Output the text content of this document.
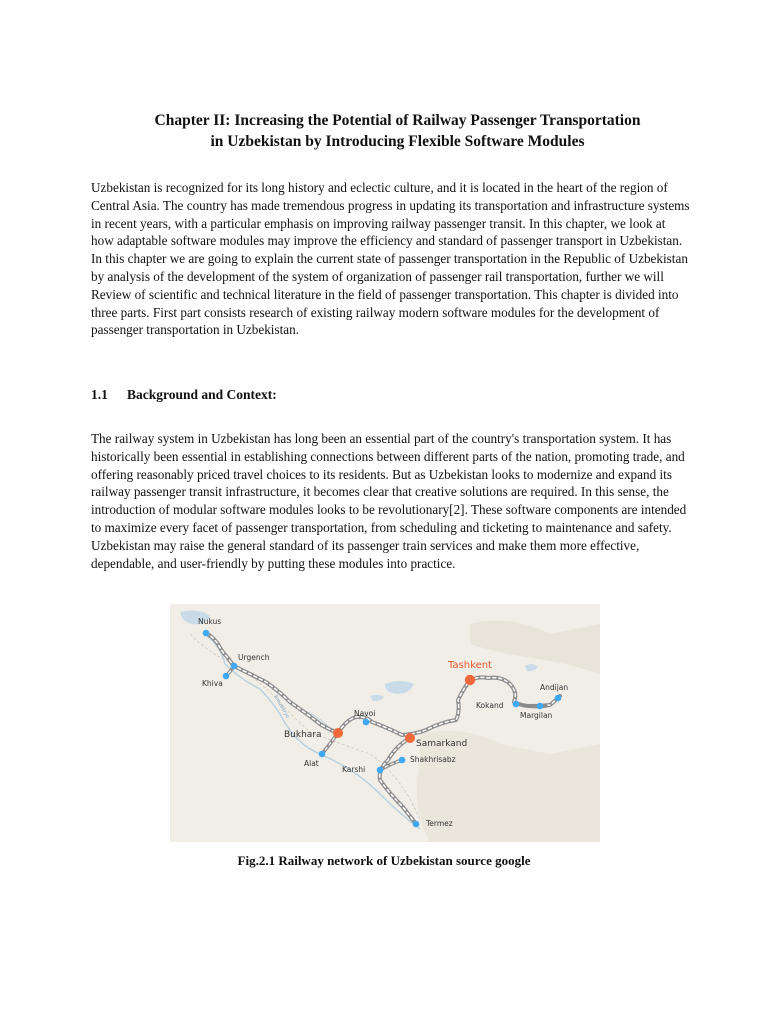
Chapter II: Increasing the Potential of Railway Passenger Transportation
in Uzbekistan by Introducing Flexible Software Modules

Uzbekistan is recognized for its long history and eclectic culture, and it is located in the heart of the region of Central Asia. The country has made tremendous progress in updating its transportation and infrastructure systems in recent years, with a particular emphasis on improving railway passenger transit. In this chapter, we look at how adaptable software modules may improve the efficiency and standard of passenger transport in Uzbekistan. In this chapter we are going to explain the current state of passenger transportation in the Republic of Uzbekistan by analysis of the development of the system of organization of passenger rail transportation, further we will Review of scientific and technical literature in the field of passenger transportation. This chapter is divided into three parts. First part consists research of existing railway modern software modules for the development of passenger transportation in Uzbekistan.

1.1 Background and Context:

The railway system in Uzbekistan has long been an essential part of the country's transportation system. It has historically been essential in establishing connections between different parts of the nation, promoting trade, and offering reasonably priced travel choices to its residents. But as Uzbekistan looks to modernize and expand its railway passenger transit infrastructure, it becomes clear that creative solutions are required. In this sense, the introduction of modular software modules looks to be revolutionary[2]. These software components are intended to maximize every facet of passenger transportation, from scheduling and ticketing to maintenance and safety. Uzbekistan may raise the general standard of its passenger train services and make them more effective, dependable, and user-friendly by putting these modules into practice.

Amudaryo
Nukus
Urgench
Khiva
Bukhara
Navoi
Alat
Samarkand
Karshi
Shakhrisabz
Termez
Tashkent
Kokand
Margilan
Andijan
Fig.2.1 Railway network of Uzbekistan source google
